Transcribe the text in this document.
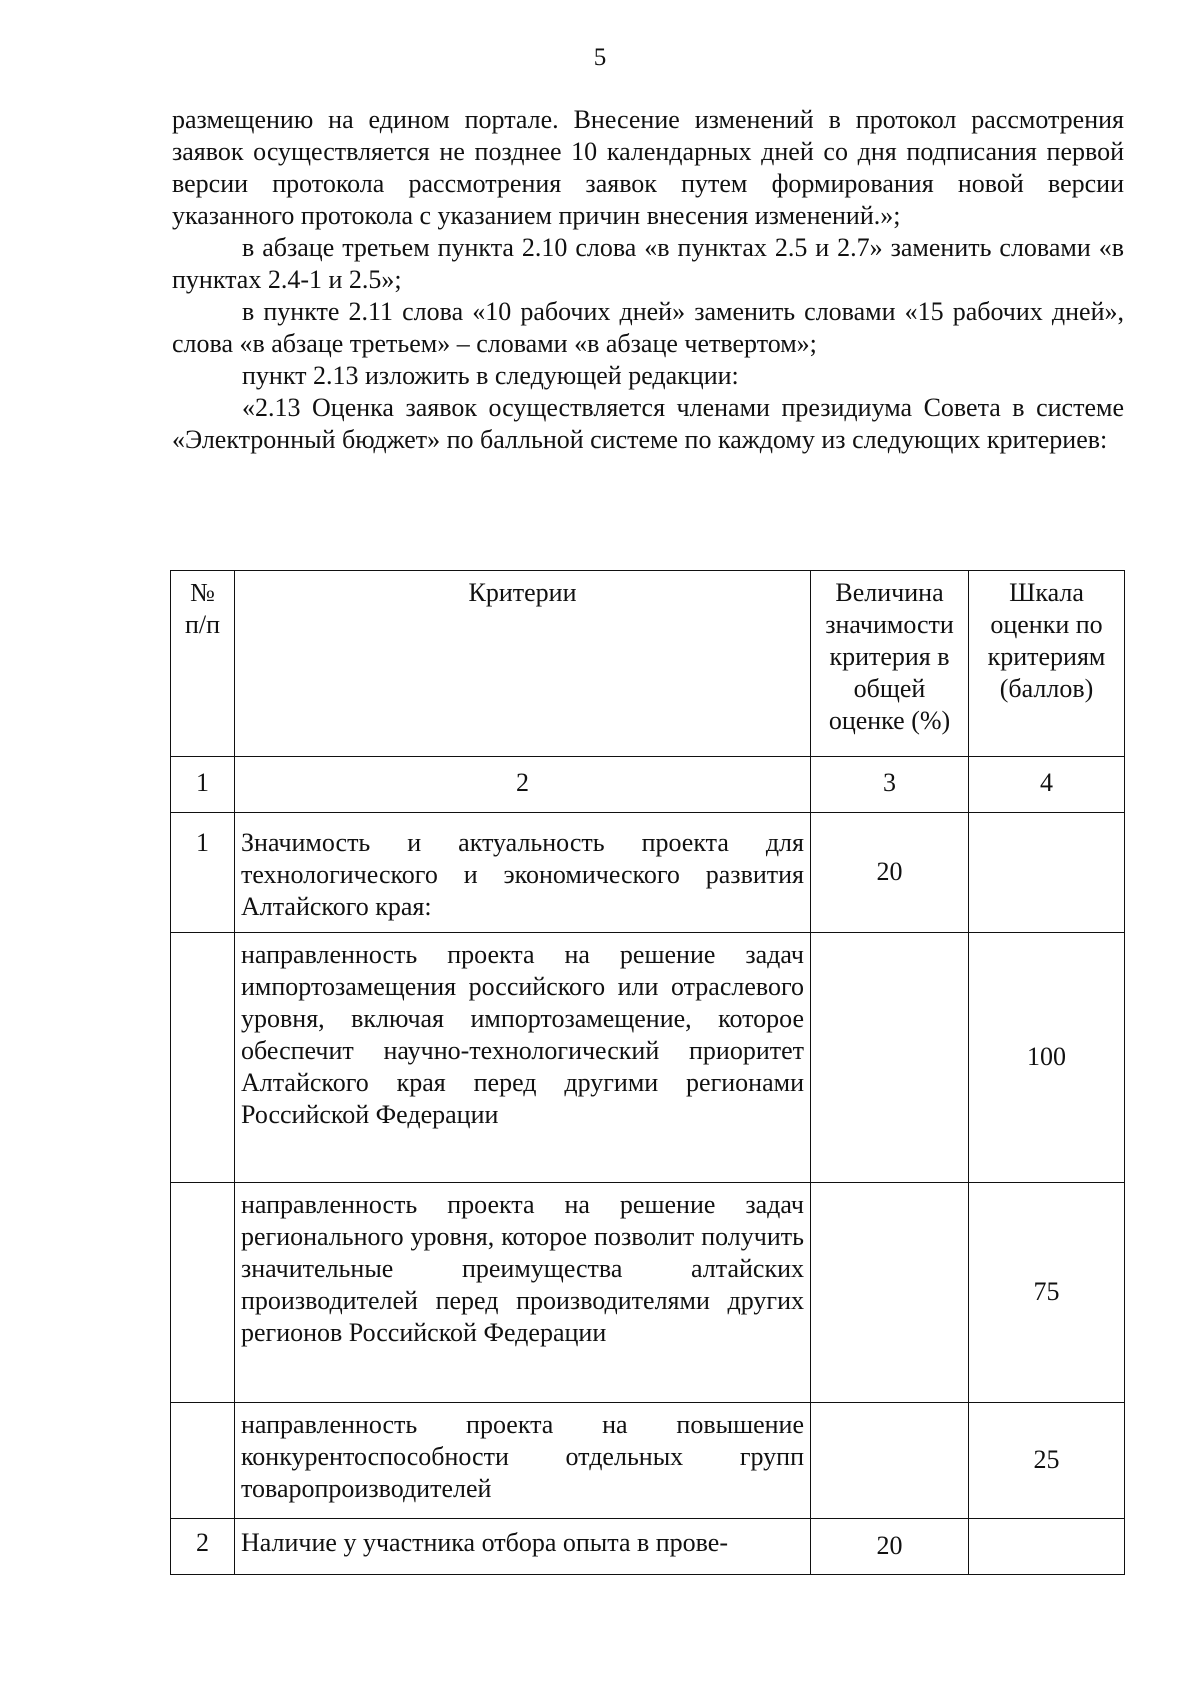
5

размещению на едином портале. Внесение изменений в протокол рассмотрения заявок осуществляется не позднее 10 календарных дней со дня подписания первой версии протокола рассмотрения заявок путем формирования новой версии указанного протокола с указанием причин внесения изменений.»;

в абзаце третьем пункта 2.10 слова «в пунктах 2.5 и 2.7» заменить словами «в пунктах 2.4-1 и 2.5»;

в пункте 2.11 слова «10 рабочих дней» заменить словами «15 рабочих дней», слова «в абзаце третьем» – словами «в абзаце четвертом»;

пункт 2.13 изложить в следующей редакции:

«2.13 Оценка заявок осуществляется членами президиума Совета в системе «Электронный бюджет» по балльной системе по каждому из следующих критериев:

№ п/п	Критерии	Величина значимости критерия в общей оценке (%)	Шкала оценки по критериям (баллов)
1	2	3	4
1	Значимость и актуальность проекта для технологического и экономического развития Алтайского края:	20	
	направленность проекта на решение задач импортозамещения российского или отраслевого уровня, включая импортозамещение, которое обеспечит научно-технологический приоритет Алтайского края перед другими регионами Российской Федерации		100
	направленность проекта на решение задач регионального уровня, которое позволит получить значительные преимущества алтайских производителей перед производителями других регионов Российской Федерации		75
	направленность проекта на повышение конкурентоспособности отдельных групп товаропроизводителей		25
2	Наличие у участника отбора опыта в прове-	20	
